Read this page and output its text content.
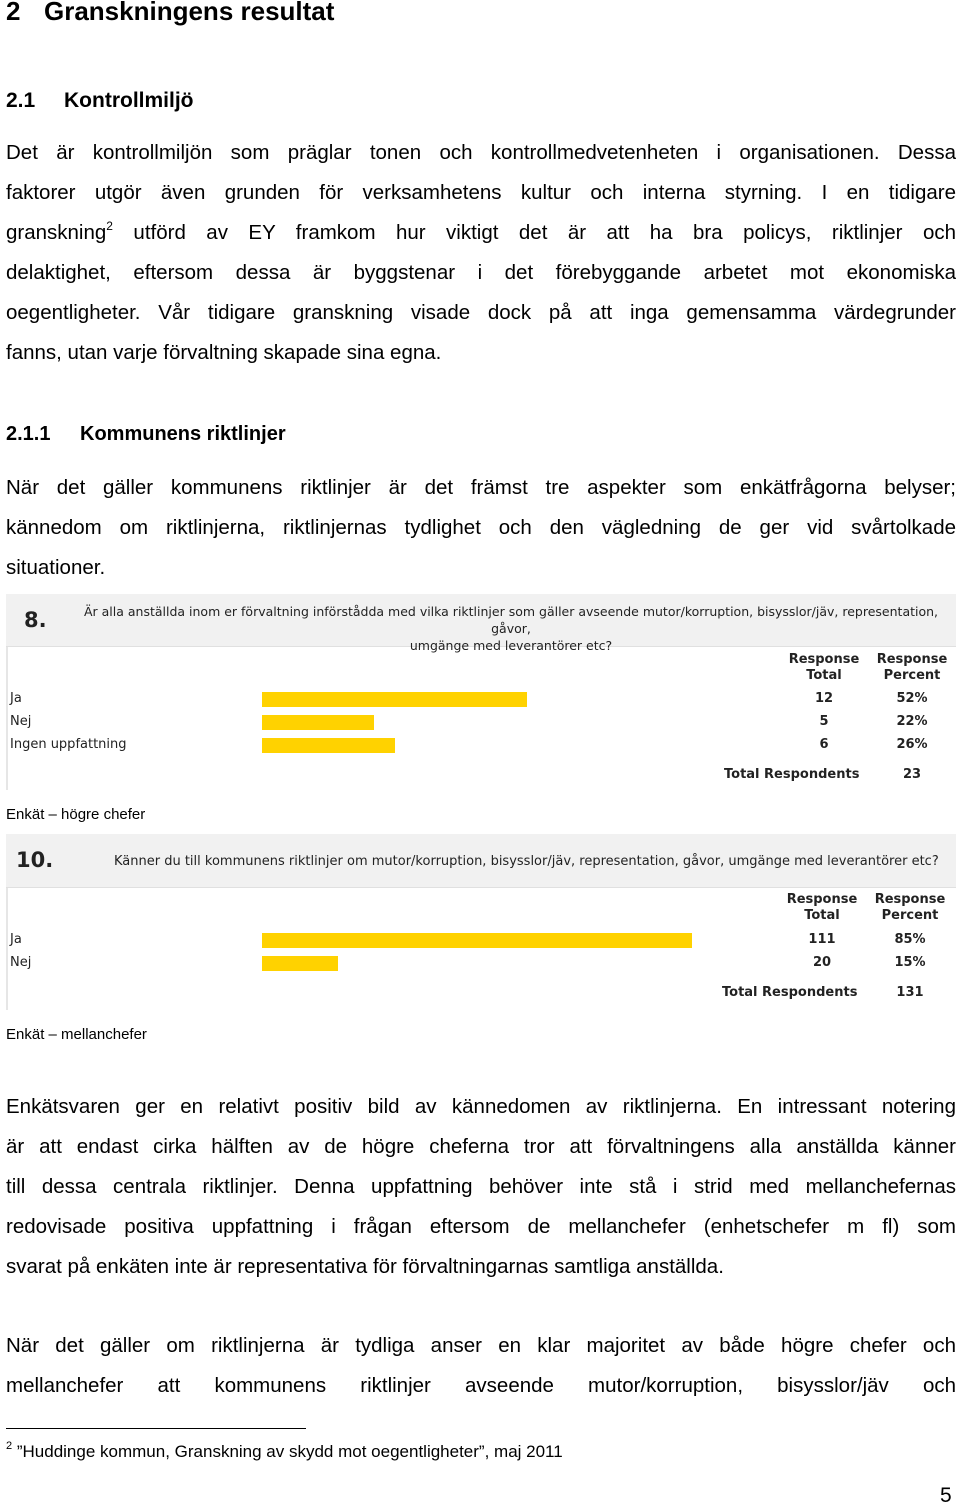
2 Granskningens resultat
2.1 Kontrollmiljö
Det är kontrollmiljön som präglar tonen och kontrollmedvetenheten i organisationen. Dessa
faktorer utgör även grunden för verksamhetens kultur och interna styrning. I en tidigare
granskning$^2$ utförd av EY framkom hur viktigt det är att ha bra policys, riktlinjer och
delaktighet, eftersom dessa är byggstenar i det förebyggande arbetet mot ekonomiska
oegentligheter. Vår tidigare granskning visade dock på att inga gemensamma värdegrunder
fanns, utan varje förvaltning skapade sina egna.
2.1.1 Kommunens riktlinjer
När det gäller kommunens riktlinjer är det främst tre aspekter som enkätfrågorna belyser;
kännedom om riktlinjerna, riktlinjernas tydlighet och den vägledning de ger vid svårtolkade
situationer.
8.	Är alla anställda inom er förvaltning införstådda med vilka riktlinjer som gäller avseende mutor/korruption, bisysslor/jäv, representation, gåvor,
umgänge med leverantörer etc?
Response Total
Response Percent
Ja	12	52%
Nej	5	22%
Ingen uppfattning	6	26%
Total Respondents	23
Enkät – högre chefer
10.	Känner du till kommunens riktlinjer om mutor/korruption, bisysslor/jäv, representation, gåvor, umgänge med leverantörer etc?
Response Total
Response Percent
Ja	111	85%
Nej	20	15%
Total Respondents	131
Enkät – mellanchefer
Enkätsvaren ger en relativt positiv bild av kännedomen av riktlinjerna. En intressant notering
är att endast cirka hälften av de högre cheferna tror att förvaltningens alla anställda känner
till dessa centrala riktlinjer. Denna uppfattning behöver inte stå i strid med mellanchefernas
redovisade positiva uppfattning i frågan eftersom de mellanchefer (enhetschefer m fl) som
svarat på enkäten inte är representativa för förvaltningarnas samtliga anställda.
När det gäller om riktlinjerna är tydliga anser en klar majoritet av både högre chefer och
mellanchefer att kommunens riktlinjer avseende mutor/korruption, bisysslor/jäv och
$^2$ ”Huddinge kommun, Granskning av skydd mot oegentligheter”, maj 2011
5
